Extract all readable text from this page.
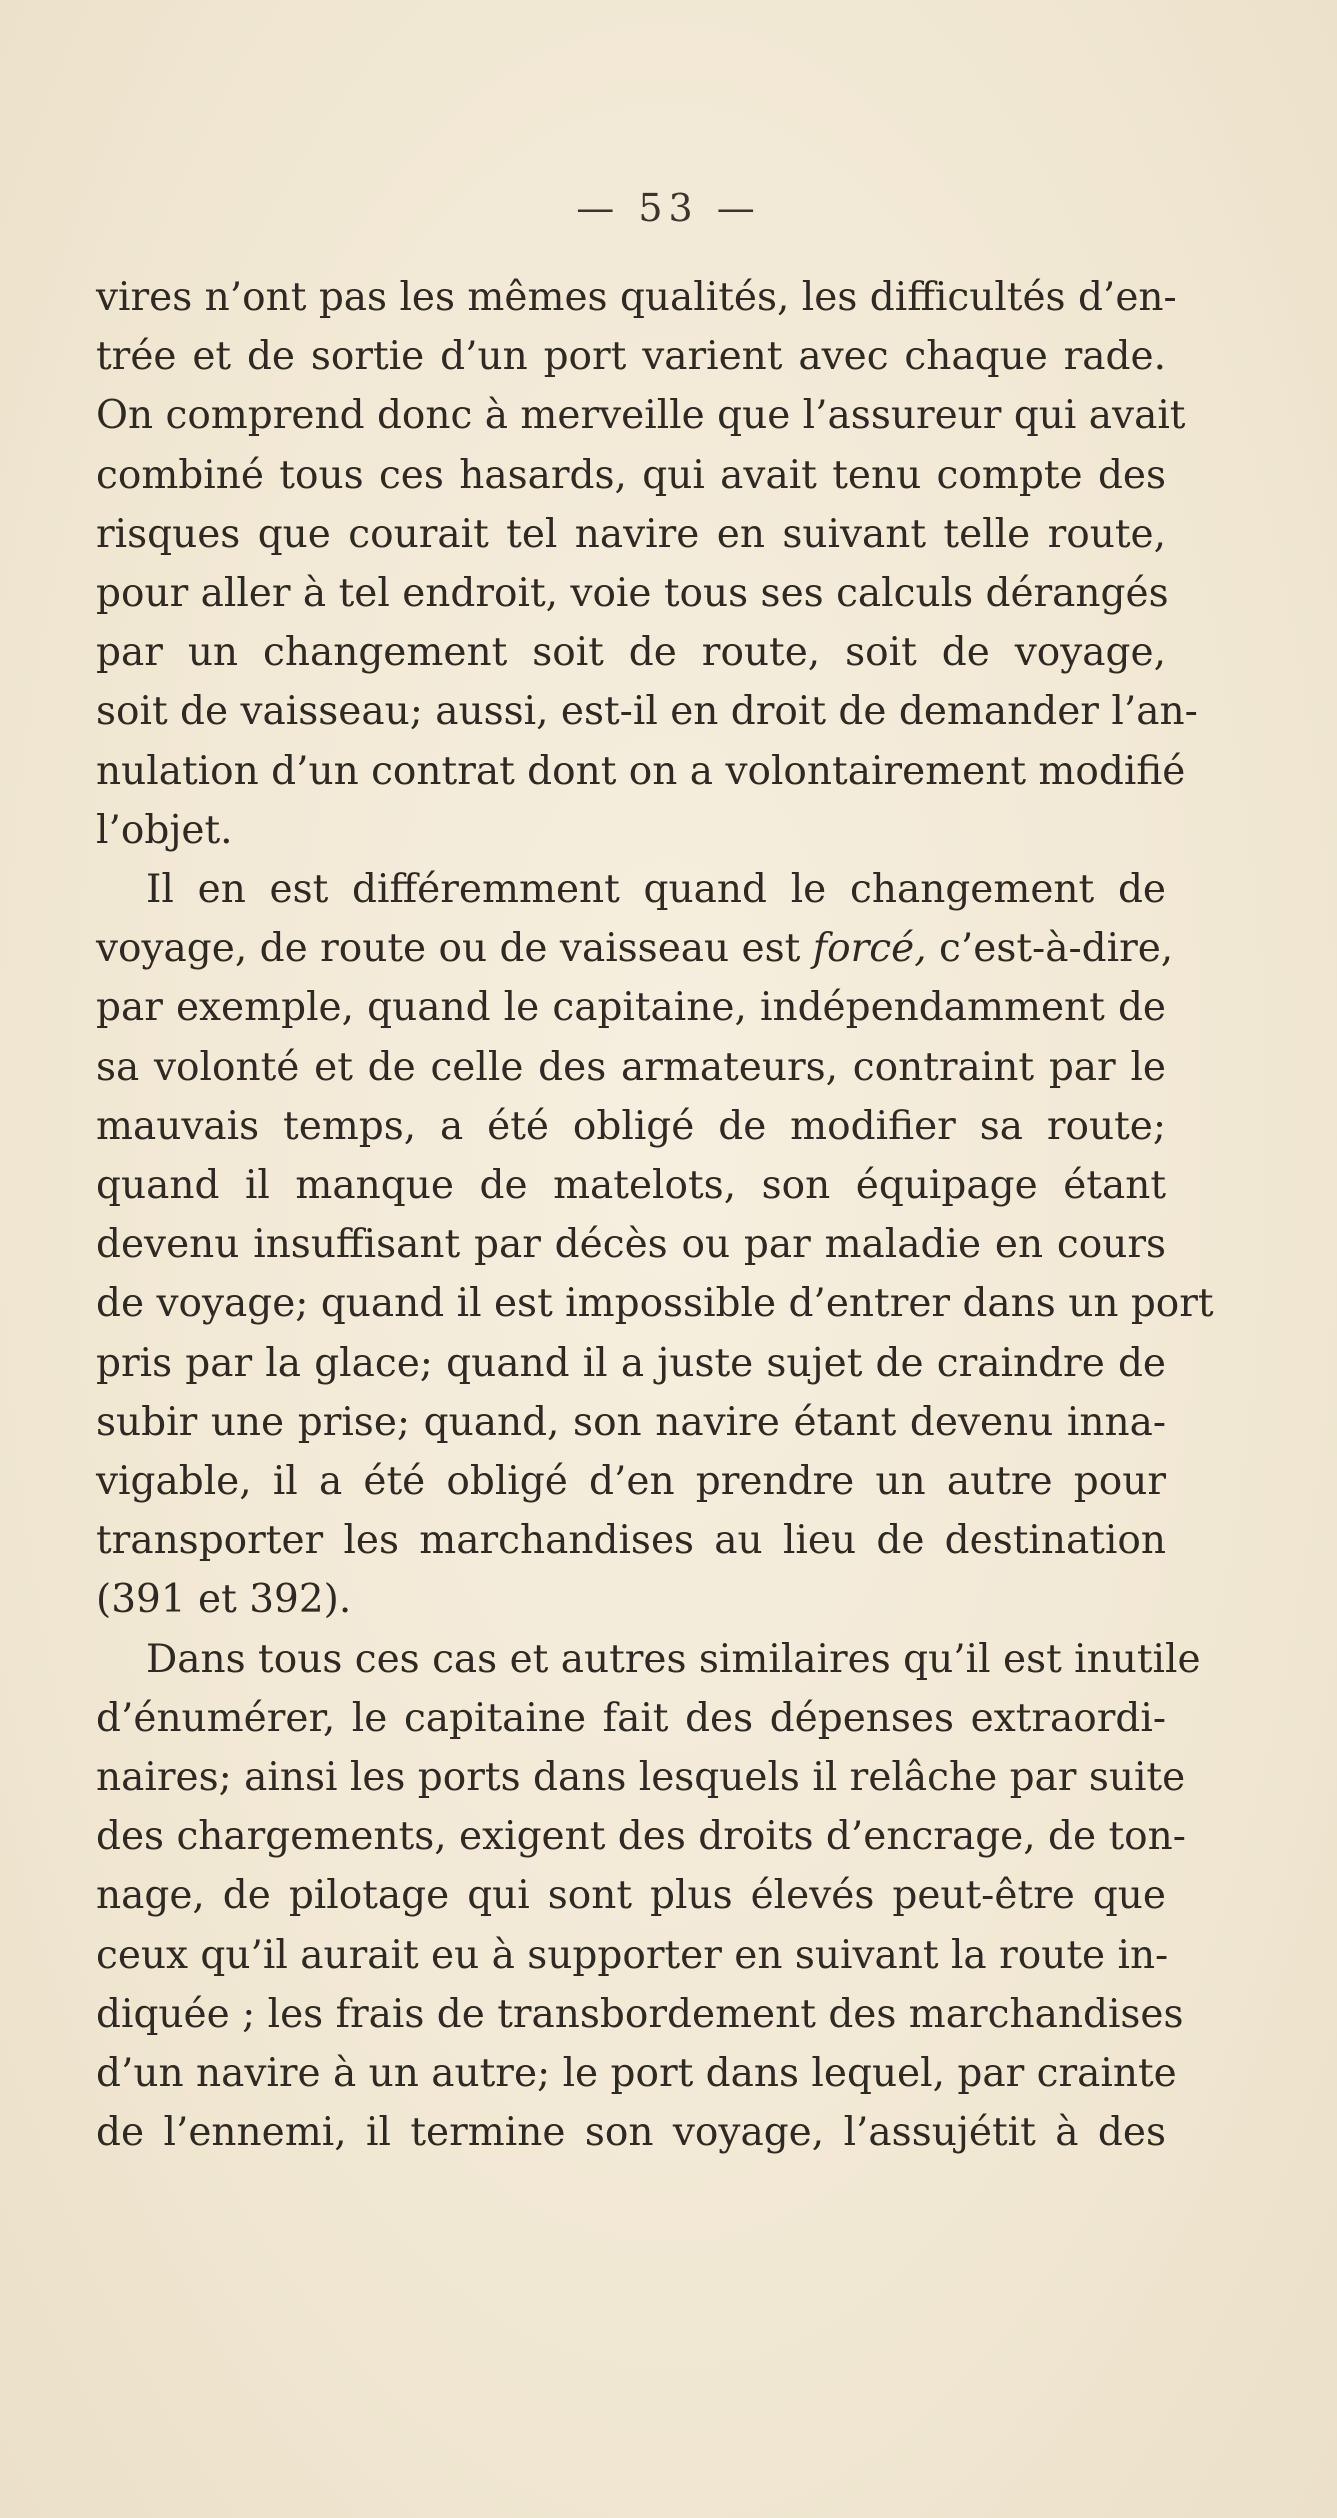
— 53 —
vires n’ont pas les mêmes qualités, les difficultés d’en-
trée et de sortie d’un port varient avec chaque rade.
On comprend donc à merveille que l’assureur qui avait
combiné tous ces hasards, qui avait tenu compte des
risques que courait tel navire en suivant telle route,
pour aller à tel endroit, voie tous ses calculs dérangés
par un changement soit de route, soit de voyage,
soit de vaisseau; aussi, est-il en droit de demander l’an-
nulation d’un contrat dont on a volontairement modifié
l’objet.
Il en est différemment quand le changement de
voyage, de route ou de vaisseau est forcé, c’est-à-dire,
par exemple, quand le capitaine, indépendamment de
sa volonté et de celle des armateurs, contraint par le
mauvais temps, a été obligé de modifier sa route;
quand il manque de matelots, son équipage étant
devenu insuffisant par décès ou par maladie en cours
de voyage; quand il est impossible d’entrer dans un port
pris par la glace; quand il a juste sujet de craindre de
subir une prise; quand, son navire étant devenu inna-
vigable, il a été obligé d’en prendre un autre pour
transporter les marchandises au lieu de destination
(391 et 392).
Dans tous ces cas et autres similaires qu’il est inutile
d’énumérer, le capitaine fait des dépenses extraordi-
naires; ainsi les ports dans lesquels il relâche par suite
des chargements, exigent des droits d’encrage, de ton-
nage, de pilotage qui sont plus élevés peut-être que
ceux qu’il aurait eu à supporter en suivant la route in-
diquée ; les frais de transbordement des marchandises
d’un navire à un autre; le port dans lequel, par crainte
de l’ennemi, il termine son voyage, l’assujétit à des
